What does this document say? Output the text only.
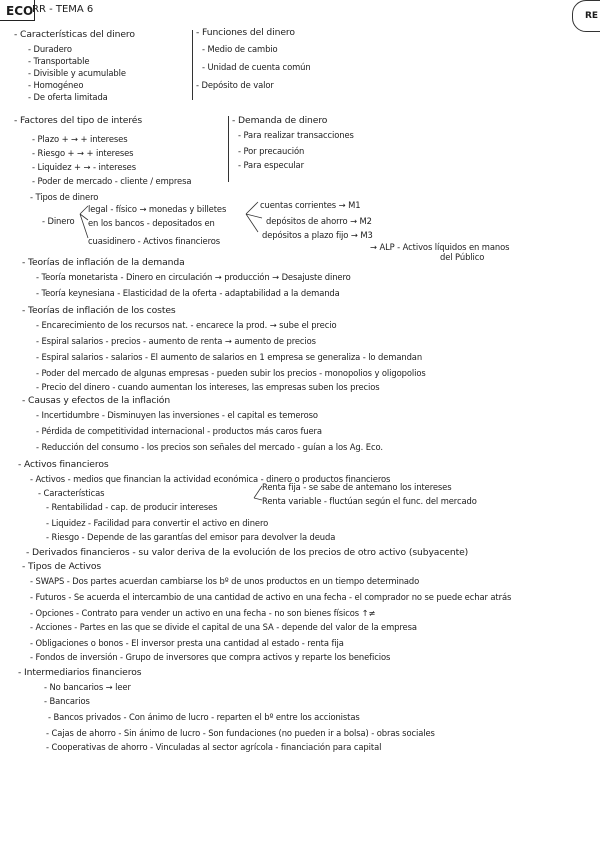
ECO
RR - TEMA 6
RE
- Características del dinero
- Duradero
- Transportable
- Divisible y acumulable
- Homogéneo
- De oferta limitada
- Funciones del dinero
- Medio de cambio
- Unidad de cuenta común
- Depósito de valor
- Factores del tipo de interés
- Plazo + → + intereses
- Riesgo + → + intereses
- Liquidez + → - intereses
- Poder de mercado - cliente / empresa
- Demanda de dinero
- Para realizar transacciones
- Por precaución
- Para especular
- Tipos de dinero
legal - físico → monedas y billetes
- Dinero en los bancos - depositados en
cuasidinero - Activos financieros
cuentas corrientes → M1
depósitos de ahorro → M2
depósitos a plazo fijo → M3
→ ALP - Activos líquidos en manos
del Público
- Teorías de inflación de la demanda
- Teoría monetarista - Dinero en circulación → producción → Desajuste dinero
- Teoría keynesiana - Elasticidad de la oferta - adaptabilidad a la demanda
- Teorías de inflación de los costes
- Encarecimiento de los recursos nat. - encarece la prod. → sube el precio
- Espiral salarios - precios - aumento de renta → aumento de precios
- Espiral salarios - salarios - El aumento de salarios en 1 empresa se generaliza - lo demandan
- Poder del mercado de algunas empresas - pueden subir los precios - monopolios y oligopolios
- Precio del dinero - cuando aumentan los intereses, las empresas suben los precios
- Causas y efectos de la inflación
- Incertidumbre - Disminuyen las inversiones - el capital es temeroso
- Pérdida de competitividad internacional - productos más caros fuera
- Reducción del consumo - los precios son señales del mercado - guían a los Ag. Eco.
- Activos financieros
- Activos - medios que financian la actividad económica - dinero o productos financieros
- Características
- Rentabilidad - cap. de producir intereses
Renta fija - se sabe de antemano los intereses
Renta variable - fluctúan según el func. del mercado
- Liquidez - Facilidad para convertir el activo en dinero
- Riesgo - Depende de las garantías del emisor para devolver la deuda
- Derivados financieros - su valor deriva de la evolución de los precios de otro activo (subyacente)
- Tipos de Activos
- SWAPS - Dos partes acuerdan cambiarse los bº de unos productos en un tiempo determinado
- Futuros - Se acuerda el intercambio de una cantidad de activo en una fecha - el comprador no se puede echar atrás
- Opciones - Contrato para vender un activo en una fecha - no son bienes físicos ↑≠
- Acciones - Partes en las que se divide el capital de una SA - depende del valor de la empresa
- Obligaciones o bonos - El inversor presta una cantidad al estado - renta fija
- Fondos de inversión - Grupo de inversores que compra activos y reparte los beneficios
- Intermediarios financieros
- No bancarios → leer
- Bancarios
- Bancos privados - Con ánimo de lucro - reparten el bº entre los accionistas
- Cajas de ahorro - Sin ánimo de lucro - Son fundaciones (no pueden ir a bolsa) - obras sociales
- Cooperativas de ahorro - Vinculadas al sector agrícola - financiación para capital
